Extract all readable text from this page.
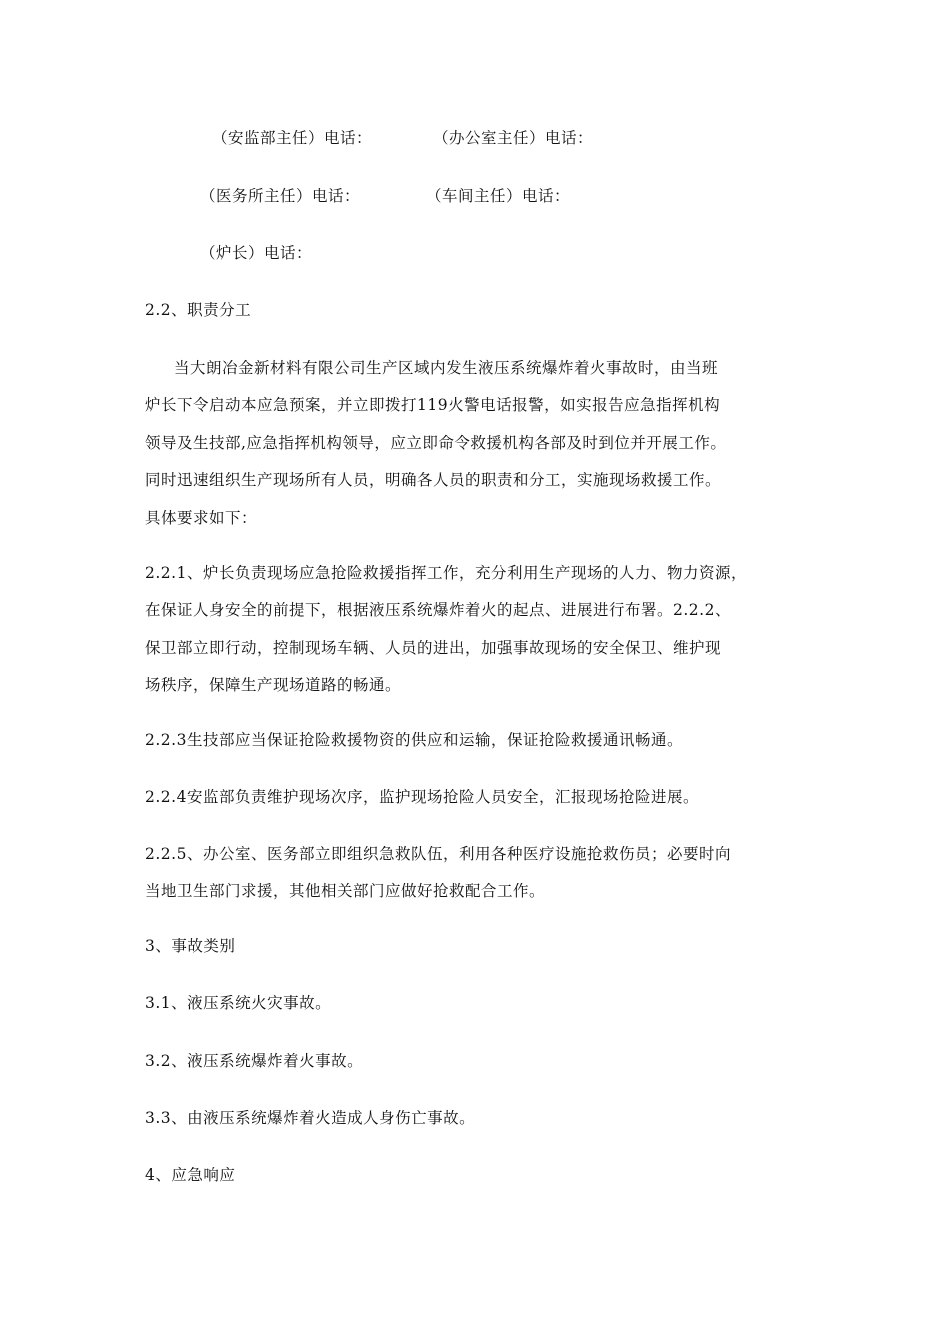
（安监部主任）电话：	（办公室主任）电话：
（医务所主任）电话：	（车间主任）电话：
（炉长）电话：
2.2、职责分工
当大朗冶金新材料有限公司生产区域内发生液压系统爆炸着火事故时，由当班
炉长下令启动本应急预案，并立即拨打119火警电话报警，如实报告应急指挥机构
领导及生技部,应急指挥机构领导，应立即命令救援机构各部及时到位并开展工作。
同时迅速组织生产现场所有人员，明确各人员的职责和分工，实施现场救援工作。
具体要求如下：
2.2.1、炉长负责现场应急抢险救援指挥工作，充分利用生产现场的人力、物力资源，
在保证人身安全的前提下，根据液压系统爆炸着火的起点、进展进行布署。2.2.2、
保卫部立即行动，控制现场车辆、人员的进出，加强事故现场的安全保卫、维护现
场秩序，保障生产现场道路的畅通。
2.2.3生技部应当保证抢险救援物资的供应和运输，保证抢险救援通讯畅通。
2.2.4安监部负责维护现场次序，监护现场抢险人员安全，汇报现场抢险进展。
2.2.5、办公室、医务部立即组织急救队伍，利用各种医疗设施抢救伤员；必要时向
当地卫生部门求援，其他相关部门应做好抢救配合工作。
3、事故类别
3.1、液压系统火灾事故。
3.2、液压系统爆炸着火事故。
3.3、由液压系统爆炸着火造成人身伤亡事故。
4、应急响应
